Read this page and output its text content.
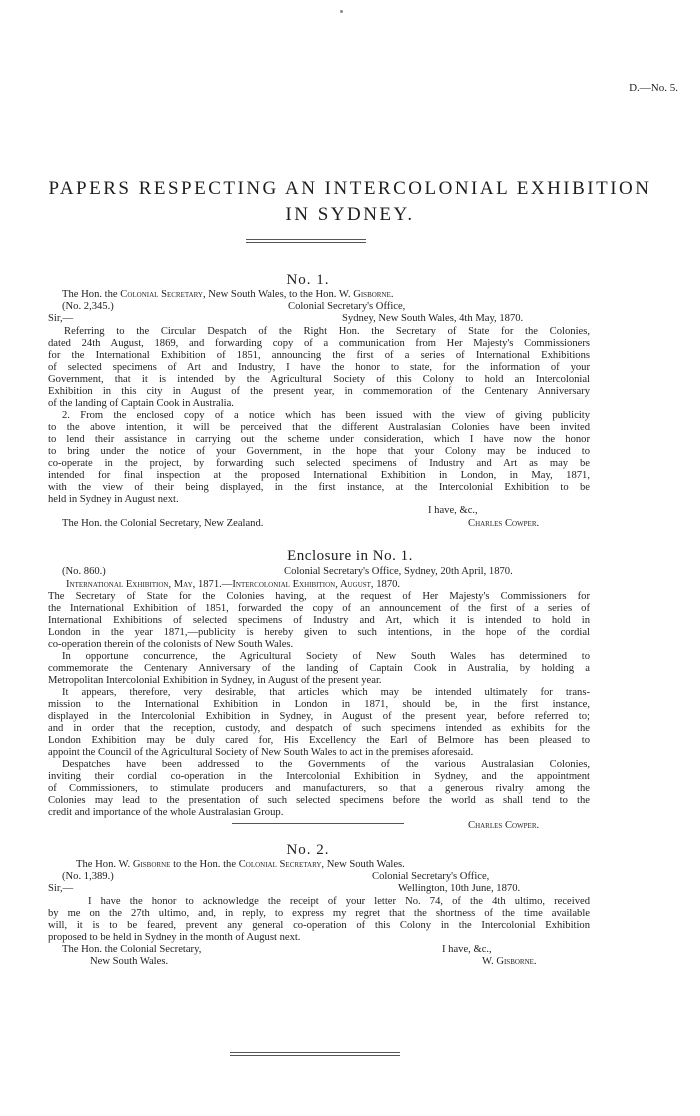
D.—No. 5.
PAPERS RESPECTING AN INTERCOLONIAL EXHIBITION
IN SYDNEY.
No. 1.
The Hon. the Colonial Secretary, New South Wales, to the Hon. W. Gisborne.
(No. 2,345.)	Colonial Secretary's Office,
Sir,—	Sydney, New South Wales, 4th May, 1870.
Referring to the Circular Despatch of the Right Hon. the Secretary of State for the Colonies,
dated 24th August, 1869, and forwarding copy of a communication from Her Majesty's Commissioners
for the International Exhibition of 1851, announcing the first of a series of International Exhibitions
of selected specimens of Art and Industry, I have the honor to state, for the information of your
Government, that it is intended by the Agricultural Society of this Colony to hold an Intercolonial
Exhibition in this city in August of the present year, in commemoration of the Centenary Anniversary
of the landing of Captain Cook in Australia.
2. From the enclosed copy of a notice which has been issued with the view of giving publicity
to the above intention, it will be perceived that the different Australasian Colonies have been invited
to lend their assistance in carrying out the scheme under consideration, which I have now the honor
to bring under the notice of your Government, in the hope that your Colony may be induced to
co-operate in the project, by forwarding such selected specimens of Industry and Art as may be
intended for final inspection at the proposed International Exhibition in London, in May, 1871,
with the view of their being displayed, in the first instance, at the Intercolonial Exhibition to be
held in Sydney in August next.
I have, &c.,
The Hon. the Colonial Secretary, New Zealand.	Charles Cowper.
Enclosure in No. 1.
(No. 860.)	Colonial Secretary's Office, Sydney, 20th April, 1870.
International Exhibition, May, 1871.—Intercolonial Exhibition, August, 1870.
The Secretary of State for the Colonies having, at the request of Her Majesty's Commissioners for
the International Exhibition of 1851, forwarded the copy of an announcement of the first of a series of
International Exhibitions of selected specimens of Industry and Art, which it is intended to hold in
London in the year 1871,—publicity is hereby given to such intentions, in the hope of the cordial
co-operation therein of the colonists of New South Wales.
In opportune concurrence, the Agricultural Society of New South Wales has determined to
commemorate the Centenary Anniversary of the landing of Captain Cook in Australia, by holding a
Metropolitan Intercolonial Exhibition in Sydney, in August of the present year.
It appears, therefore, very desirable, that articles which may be intended ultimately for trans-
mission to the International Exhibition in London in 1871, should be, in the first instance,
displayed in the Intercolonial Exhibition in Sydney, in August of the present year, before referred to;
and in order that the reception, custody, and despatch of such specimens intended as exhibits for the
London Exhibition may be duly cared for, His Excellency the Earl of Belmore has been pleased to
appoint the Council of the Agricultural Society of New South Wales to act in the premises aforesaid.
Despatches have been addressed to the Governments of the various Australasian Colonies,
inviting their cordial co-operation in the Intercolonial Exhibition in Sydney, and the appointment
of Commissioners, to stimulate producers and manufacturers, so that a generous rivalry among the
Colonies may lead to the presentation of such selected specimens before the world as shall tend to the
credit and importance of the whole Australasian Group.
Charles Cowper.
No. 2.
The Hon. W. Gisborne to the Hon. the Colonial Secretary, New South Wales.
(No. 1,389.)	Colonial Secretary's Office,
Sir,—	Wellington, 10th June, 1870.
I have the honor to acknowledge the receipt of your letter No. 74, of the 4th ultimo, received
by me on the 27th ultimo, and, in reply, to express my regret that the shortness of the time available
will, it is to be feared, prevent any general co-operation of this Colony in the Intercolonial Exhibition
proposed to be held in Sydney in the month of August next.
The Hon. the Colonial Secretary,	I have, &c.,
New South Wales.	W. Gisborne.
